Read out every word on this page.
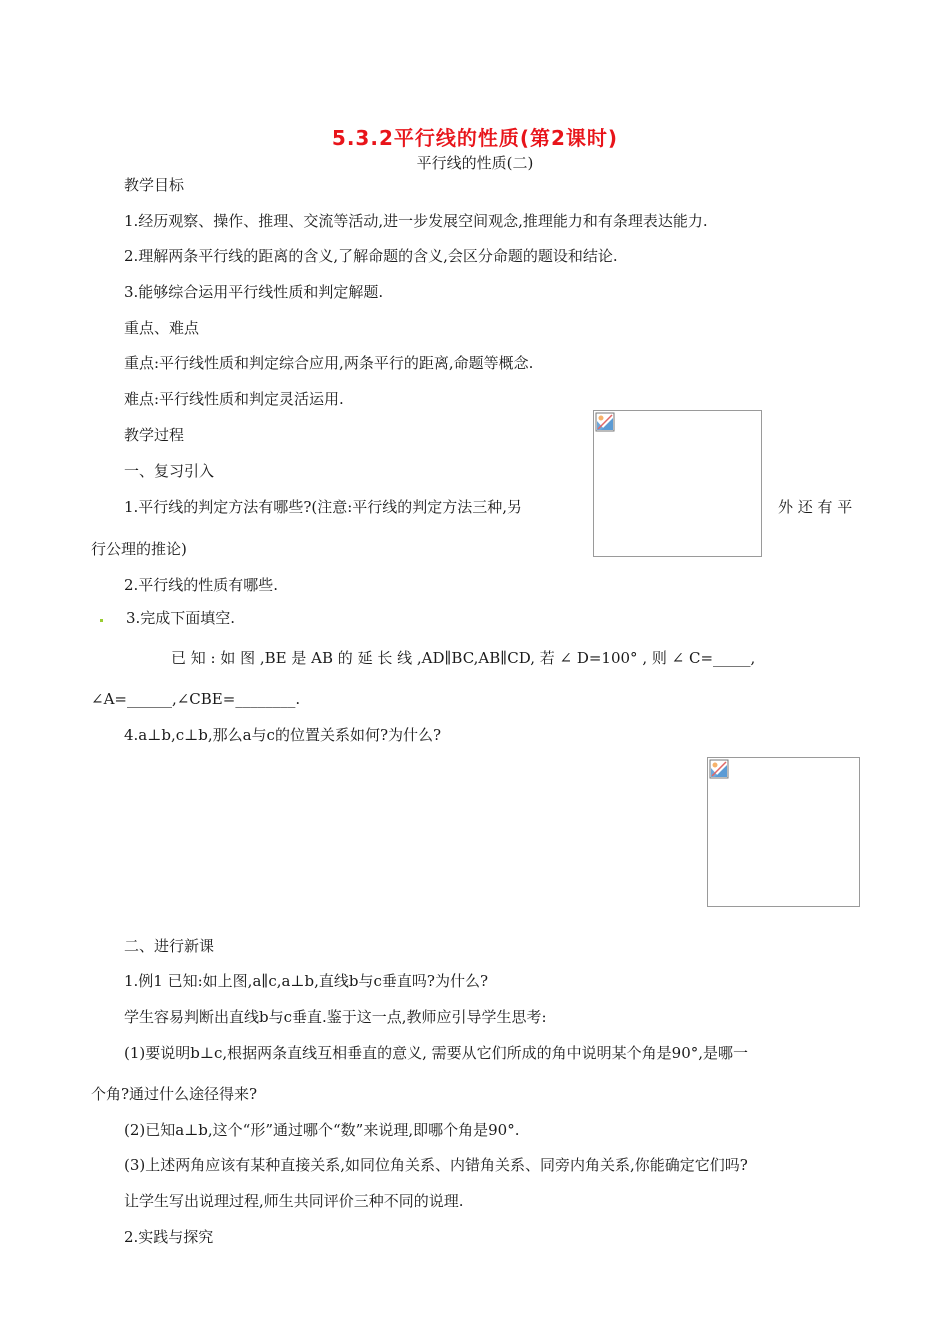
5.3.2平行线的性质(第2课时)
平行线的性质(二)
教学目标
1.经历观察、操作、推理、交流等活动,进一步发展空间观念,推理能力和有条理表达能力.
2.理解两条平行线的距离的含义,了解命题的含义,会区分命题的题设和结论.
3.能够综合运用平行线性质和判定解题.
重点、难点
重点:平行线性质和判定综合应用,两条平行的距离,命题等概念.
难点:平行线性质和判定灵活运用.
教学过程
一、复习引入
1.平行线的判定方法有哪些?(注意:平行线的判定方法三种,另	外 还 有 平
行公理的推论)
2.平行线的性质有哪些.
3.完成下面填空.
已 知 : 如 图 ,BE 是 AB 的 延 长 线 ,AD∥BC,AB∥CD, 若 ∠ D=100° , 则 ∠ C=_____,
∠A=______,∠CBE=________.
4.a⊥b,c⊥b,那么a与c的位置关系如何?为什么?
二、进行新课
1.例1 已知:如上图,a∥c,a⊥b,直线b与c垂直吗?为什么?
学生容易判断出直线b与c垂直.鉴于这一点,教师应引导学生思考:
(1)要说明b⊥c,根据两条直线互相垂直的意义, 需要从它们所成的角中说明某个角是90°,是哪一
个角?通过什么途径得来?
(2)已知a⊥b,这个“形”通过哪个“数”来说理,即哪个角是90°.
(3)上述两角应该有某种直接关系,如同位角关系、内错角关系、同旁内角关系,你能确定它们吗?
让学生写出说理过程,师生共同评价三种不同的说理.
2.实践与探究
